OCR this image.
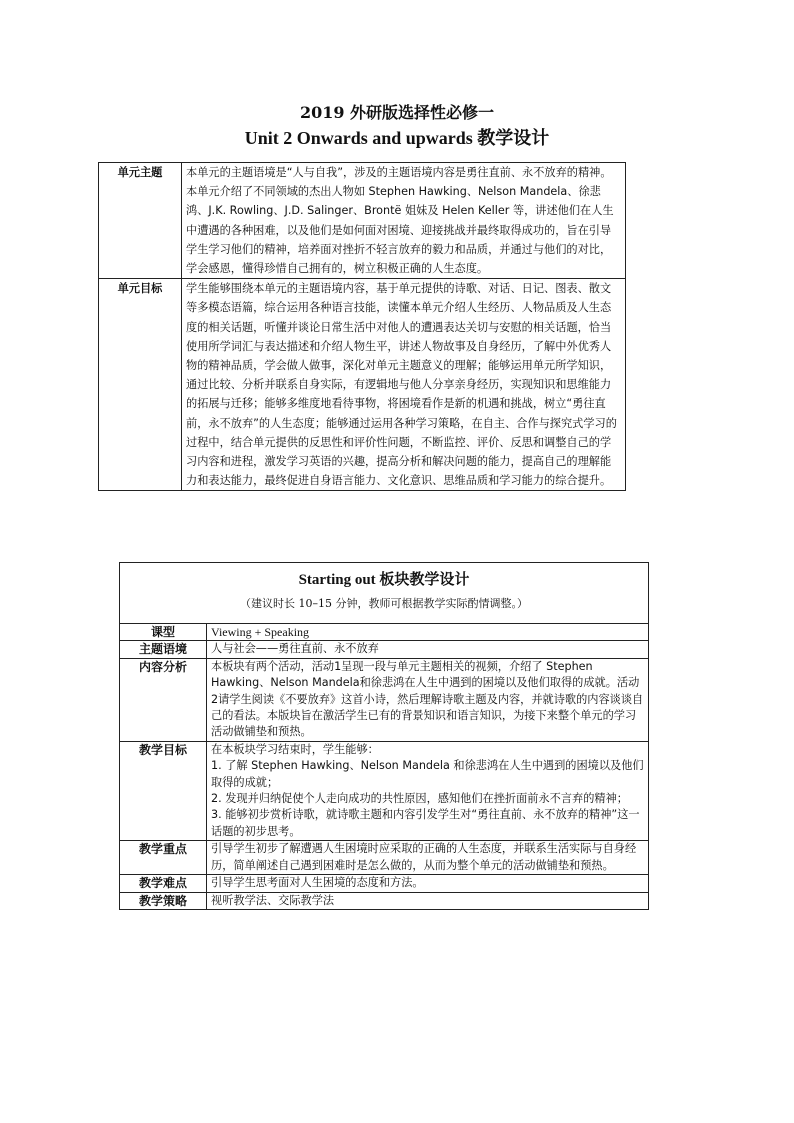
2019 外研版选择性必修一
Unit 2 Onwards and upwards 教学设计
单元主题	本单元的主题语境是“人与自我”，涉及的主题语境内容是勇往直前、永不放弃的精神。本单元介绍了不同领域的杰出人物如 Stephen Hawking、Nelson Mandela、徐悲鸿、J.K. Rowling、J.D. Salinger、Brontë 姐妹及 Helen Keller 等，讲述他们在人生中遭遇的各种困难，以及他们是如何面对困境、迎接挑战并最终取得成功的，旨在引导学生学习他们的精神，培养面对挫折不轻言放弃的毅力和品质，并通过与他们的对比，学会感恩，懂得珍惜自己拥有的，树立积极正确的人生态度。
单元目标	学生能够围绕本单元的主题语境内容，基于单元提供的诗歌、对话、日记、图表、散文等多模态语篇，综合运用各种语言技能，读懂本单元介绍人生经历、人物品质及人生态度的相关话题，听懂并谈论日常生活中对他人的遭遇表达关切与安慰的相关话题，恰当使用所学词汇与表达描述和介绍人物生平，讲述人物故事及自身经历，了解中外优秀人物的精神品质，学会做人做事，深化对单元主题意义的理解；能够运用单元所学知识，通过比较、分析并联系自身实际，有逻辑地与他人分享亲身经历，实现知识和思维能力的拓展与迁移；能够多维度地看待事物，将困境看作是新的机遇和挑战，树立“勇往直前，永不放弃”的人生态度；能够通过运用各种学习策略，在自主、合作与探究式学习的过程中，结合单元提供的反思性和评价性问题，不断监控、评价、反思和调整自己的学习内容和进程，激发学习英语的兴趣，提高分析和解决问题的能力，提高自己的理解能力和表达能力，最终促进自身语言能力、文化意识、思维品质和学习能力的综合提升。
Starting out 板块教学设计
（建议时长 10–15 分钟，教师可根据教学实际酌情调整。）	

课型	Viewing + Speaking
主题语境	人与社会——勇往直前、永不放弃
内容分析	本板块有两个活动，活动1呈现一段与单元主题相关的视频，介绍了 Stephen Hawking、Nelson Mandela和徐悲鸿在人生中遇到的困境以及他们取得的成就。活动2请学生阅读《不要放弃》这首小诗，然后理解诗歌主题及内容，并就诗歌的内容谈谈自己的看法。本版块旨在激活学生已有的背景知识和语言知识，为接下来整个单元的学习活动做铺垫和预热。
教学目标	在本板块学习结束时，学生能够：
1. 了解 Stephen Hawking、Nelson Mandela 和徐悲鸿在人生中遇到的困境以及他们取得的成就；
2. 发现并归纳促使个人走向成功的共性原因，感知他们在挫折面前永不言弃的精神；
3. 能够初步赏析诗歌，就诗歌主题和内容引发学生对“勇往直前、永不放弃的精神”这一话题的初步思考。

教学重点	引导学生初步了解遭遇人生困境时应采取的正确的人生态度，并联系生活实际与自身经历，简单阐述自己遇到困难时是怎么做的，从而为整个单元的活动做铺垫和预热。
教学难点	引导学生思考面对人生困境的态度和方法。
教学策略	视听教学法、交际教学法
